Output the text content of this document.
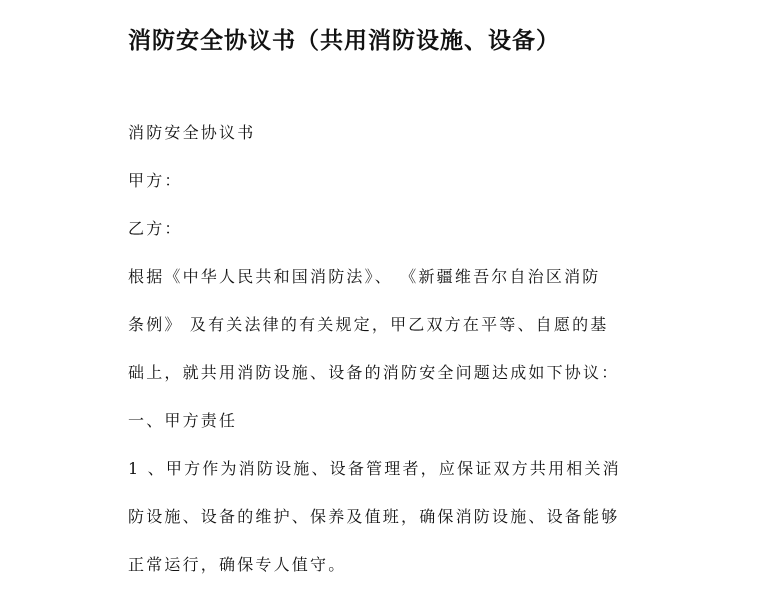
消防安全协议书（共用消防设施、设备）

消防安全协议书

甲方：

乙方：

根据《中华人民共和国消防法》、 《新疆维吾尔自治区消防
条例》 及有关法律的有关规定，甲乙双方在平等、自愿的基
础上，就共用消防设施、设备的消防安全问题达成如下协议：

一、甲方责任

1 、甲方作为消防设施、设备管理者，应保证双方共用相关消
防设施、设备的维护、保养及值班，确保消防设施、设备能够
正常运行，确保专人值守。
